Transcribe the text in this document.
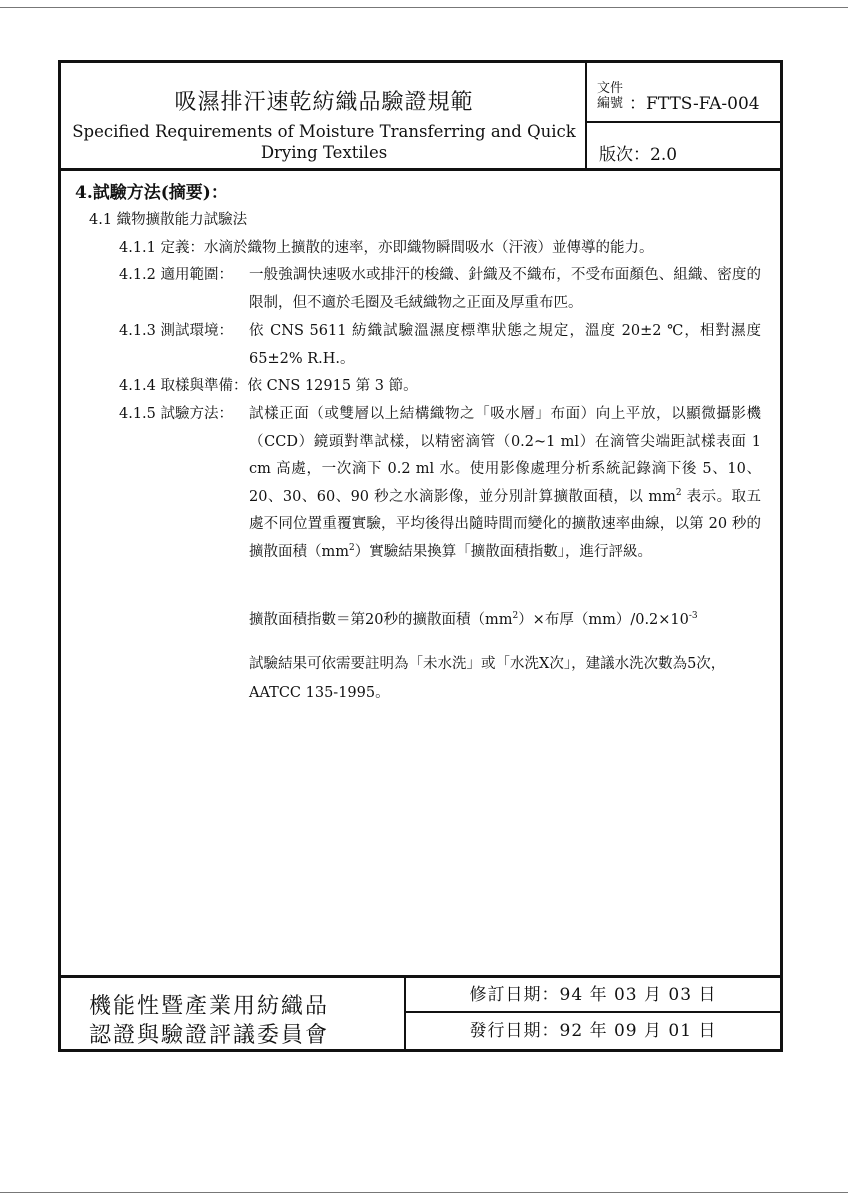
吸濕排汗速乾紡織品驗證規範
Specified Requirements of Moisture Transferring and Quick Drying Textiles
文件編號 ：FTTS-FA-004
版次：2.0
4.試驗方法(摘要)：
4.1 織物擴散能力試驗法
4.1.1 定義：水滴於織物上擴散的速率，亦即織物瞬間吸水（汗液）並傳導的能力。
4.1.2 適用範圍： 一般強調快速吸水或排汗的梭織、針織及不織布，不受布面顏色、組織、密度的限制，但不適於毛圈及毛絨織物之正面及厚重布匹。
4.1.3 測試環境： 依 CNS 5611 紡織試驗溫濕度標準狀態之規定，溫度 20±2 ℃，相對濕度 65±2% R.H.。
4.1.4 取樣與準備：依 CNS 12915 第 3 節。
4.1.5 試驗方法： 試樣正面（或雙層以上結構織物之「吸水層」布面）向上平放，以顯微攝影機（CCD）鏡頭對準試樣，以精密滴管（0.2~1 ml）在滴管尖端距試樣表面 1 cm 高處，一次滴下 0.2 ml 水。使用影像處理分析系統記錄滴下後 5、10、20、30、60、90 秒之水滴影像，並分別計算擴散面積，以 $mm^2$ 表示。取五處不同位置重覆實驗，平均後得出隨時間而變化的擴散速率曲線，以第 20 秒的擴散面積$(mm^2)$實驗結果換算「擴散面積指數」，進行評級。
擴散面積指數＝第20秒的擴散面積$(mm^2)\times$布厚$(mm)/0.2\times 10^{-3}$
試驗結果可依需要註明為「未水洗」或「水洗X次」，建議水洗次數為5次，AATCC 135-1995。
機能性暨產業用紡織品
認證與驗證評議委員會
修訂日期：94 年 03 月 03 日
發行日期：92 年 09 月 01 日
